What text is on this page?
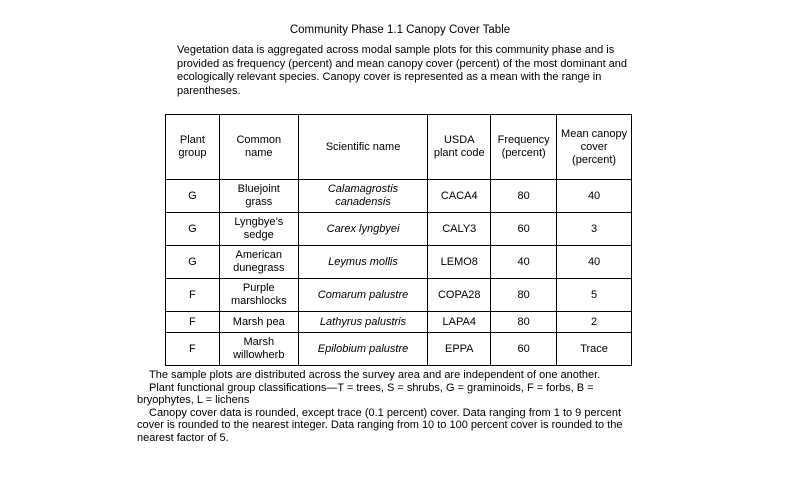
Community Phase 1.1 Canopy Cover Table
Vegetation data is aggregated across modal sample plots for this community phase and is provided as frequency (percent) and mean canopy cover (percent) of the most dominant and ecologically relevant species. Canopy cover is represented as a mean with the range in parentheses.
Plant group	Common name	Scientific name	USDA plant code	Frequency (percent)	Mean canopy cover (percent)
G	Bluejoint grass	Calamagrostis canadensis	CACA4	80	40
G	Lyngbye’s sedge	Carex lyngbyei	CALY3	60	3
G	American dunegrass	Leymus mollis	LEMO8	40	40
F	Purple marshlocks	Comarum palustre	COPA28	80	5
F	Marsh pea	Lathyrus palustris	LAPA4	80	2
F	Marsh willowherb	Epilobium palustre	EPPA	60	Trace

The sample plots are distributed across the survey area and are independent of one another.

Plant functional group classifications—T = trees, S = shrubs, G = graminoids, F = forbs, B = bryophytes, L = lichens

Canopy cover data is rounded, except trace (0.1 percent) cover. Data ranging from 1 to 9 percent cover is rounded to the nearest integer. Data ranging from 10 to 100 percent cover is rounded to the nearest factor of 5.
